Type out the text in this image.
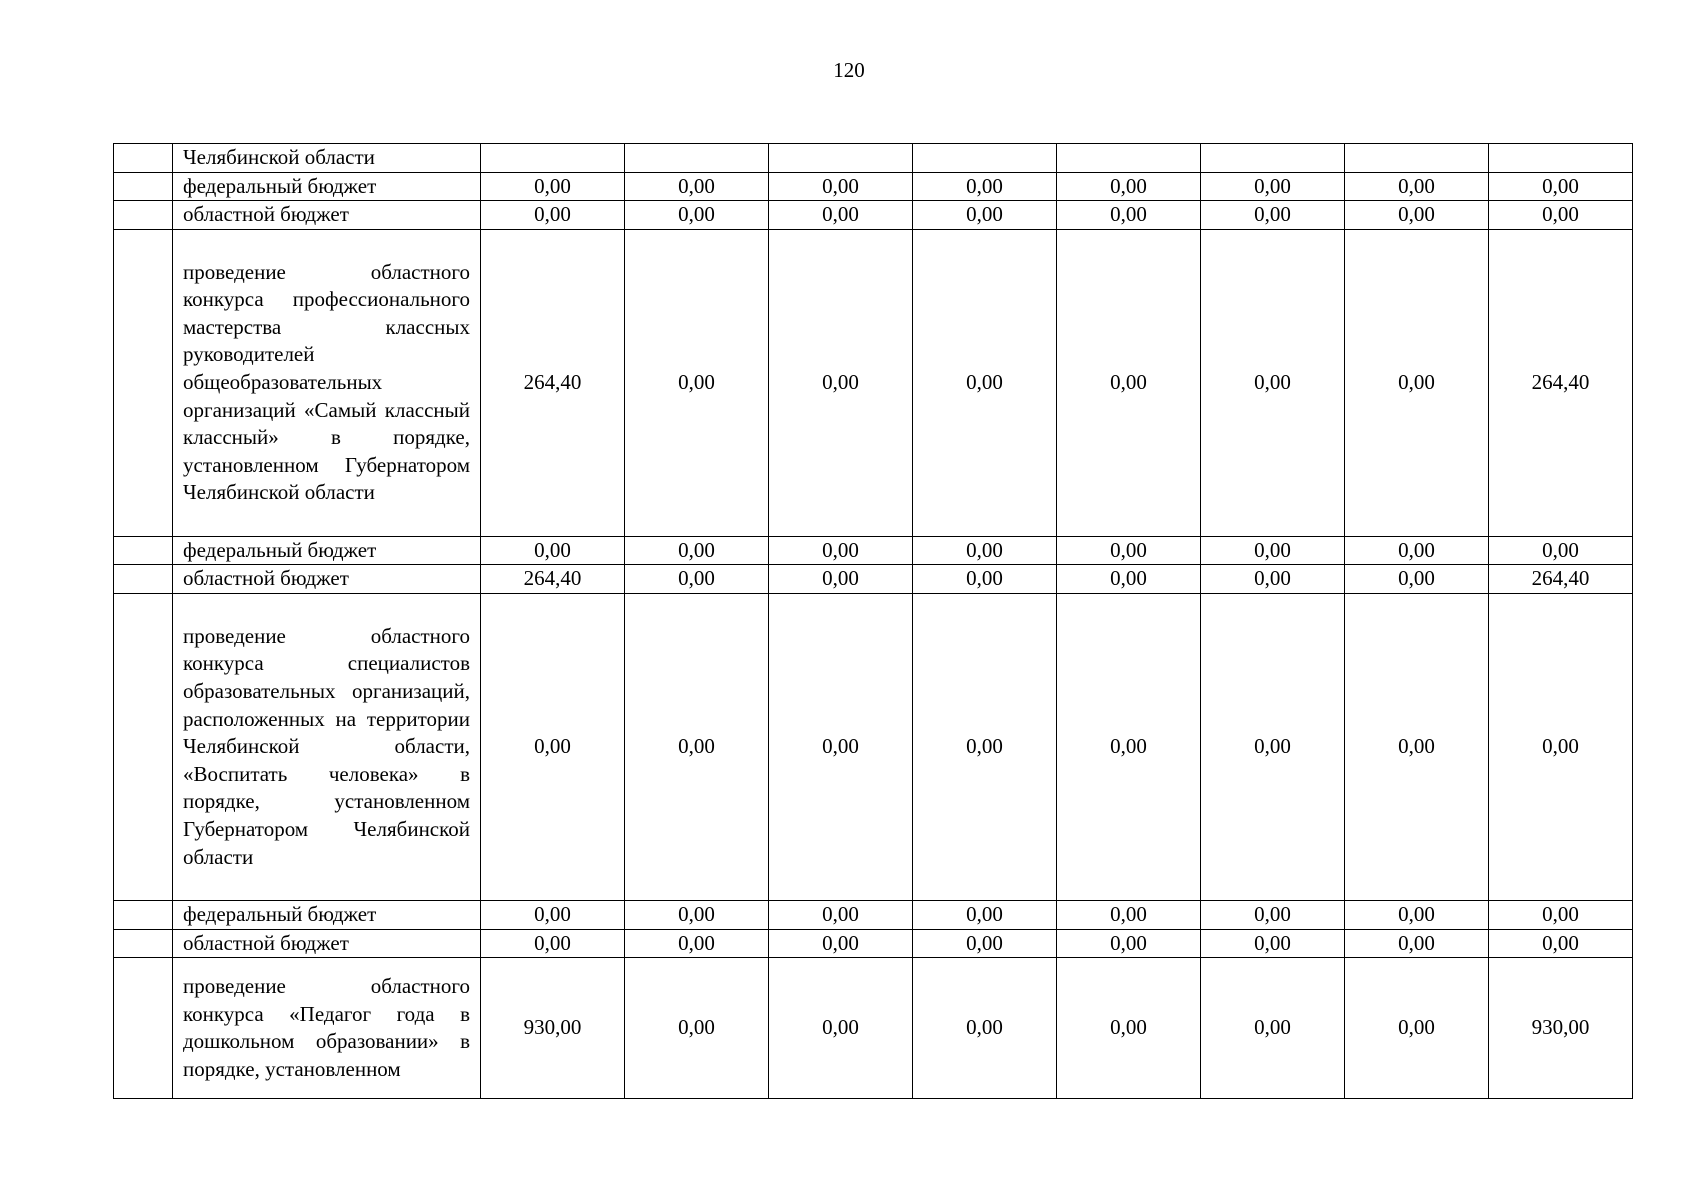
120
	Челябинской области								
	федеральный бюджет	0,00	0,00	0,00	0,00	0,00	0,00	0,00	0,00
	областной бюджет	0,00	0,00	0,00	0,00	0,00	0,00	0,00	0,00
	проведение областного конкурса профессионального мастерства классных руководителей общеобразовательных организаций «Самый классный классный» в порядке, установленном Губернатором Челябинской области	264,40	0,00	0,00	0,00	0,00	0,00	0,00	264,40
	федеральный бюджет	0,00	0,00	0,00	0,00	0,00	0,00	0,00	0,00
	областной бюджет	264,40	0,00	0,00	0,00	0,00	0,00	0,00	264,40
	проведение областного конкурса специалистов образовательных организаций, расположенных на территории Челябинской области, «Воспитать человека» в порядке, установленном Губернатором Челябинской области	0,00	0,00	0,00	0,00	0,00	0,00	0,00	0,00
	федеральный бюджет	0,00	0,00	0,00	0,00	0,00	0,00	0,00	0,00
	областной бюджет	0,00	0,00	0,00	0,00	0,00	0,00	0,00	0,00
	проведение областного конкурса «Педагог года в дошкольном образовании» в порядке, установленном	930,00	0,00	0,00	0,00	0,00	0,00	0,00	930,00
